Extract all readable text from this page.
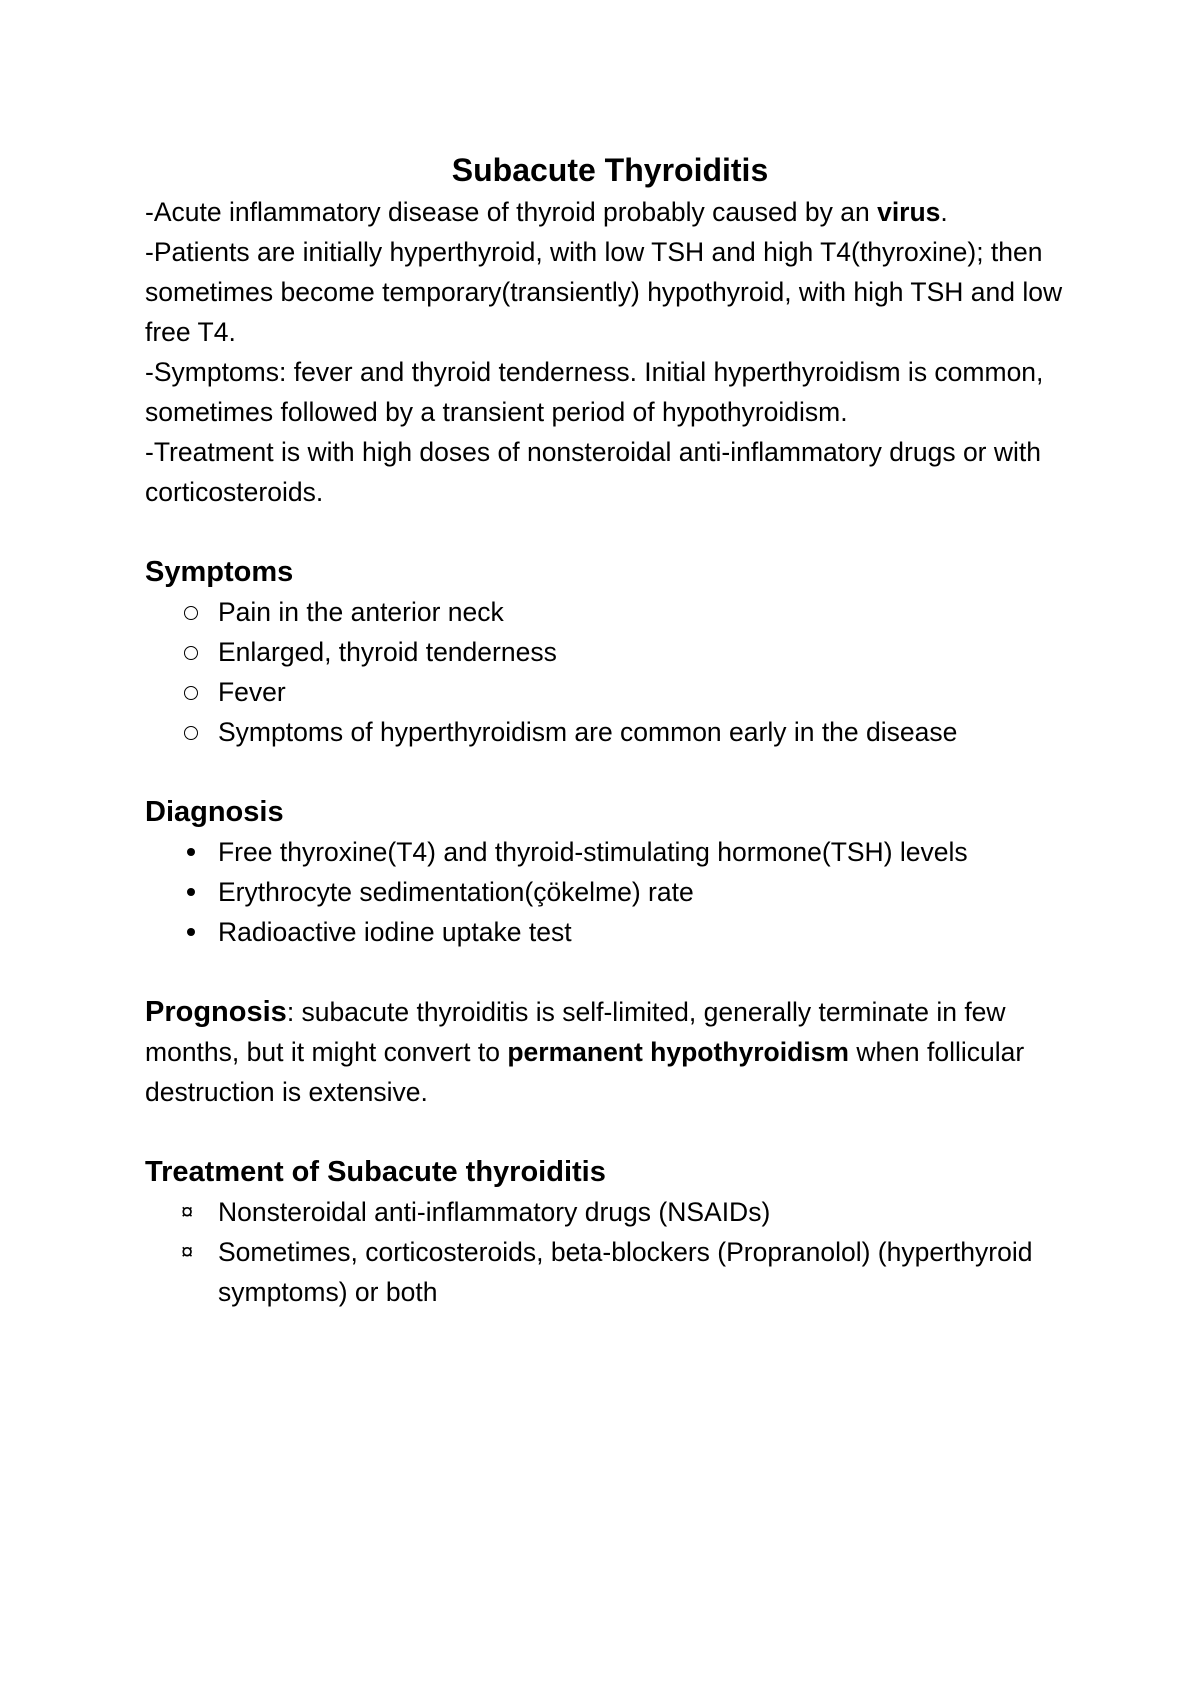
Subacute Thyroiditis

-Acute inflammatory disease of thyroid probably caused by an virus.

-Patients are initially hyperthyroid, with low TSH and high T4(thyroxine); then sometimes become temporary(transiently) hypothyroid, with high TSH and low free T4.

-Symptoms: fever and thyroid tenderness. Initial hyperthyroidism is common, sometimes followed by a transient period of hypothyroidism.

-Treatment is with high doses of nonsteroidal anti-inflammatory drugs or with corticosteroids.

Symptoms
Pain in the anterior neck
Enlarged, thyroid tenderness
Fever
Symptoms of hyperthyroidism are common early in the disease
Diagnosis
Free thyroxine(T4) and thyroid-stimulating hormone(TSH) levels
Erythrocyte sedimentation(çökelme) rate
Radioactive iodine uptake test

Prognosis: subacute thyroiditis is self-limited, generally terminate in few months, but it might convert to permanent hypothyroidism when follicular destruction is extensive.

Treatment of Subacute thyroiditis
¤ Nonsteroidal anti-inflammatory drugs (NSAIDs)
¤ Sometimes, corticosteroids, beta-blockers (Propranolol) (hyperthyroid symptoms) or both
